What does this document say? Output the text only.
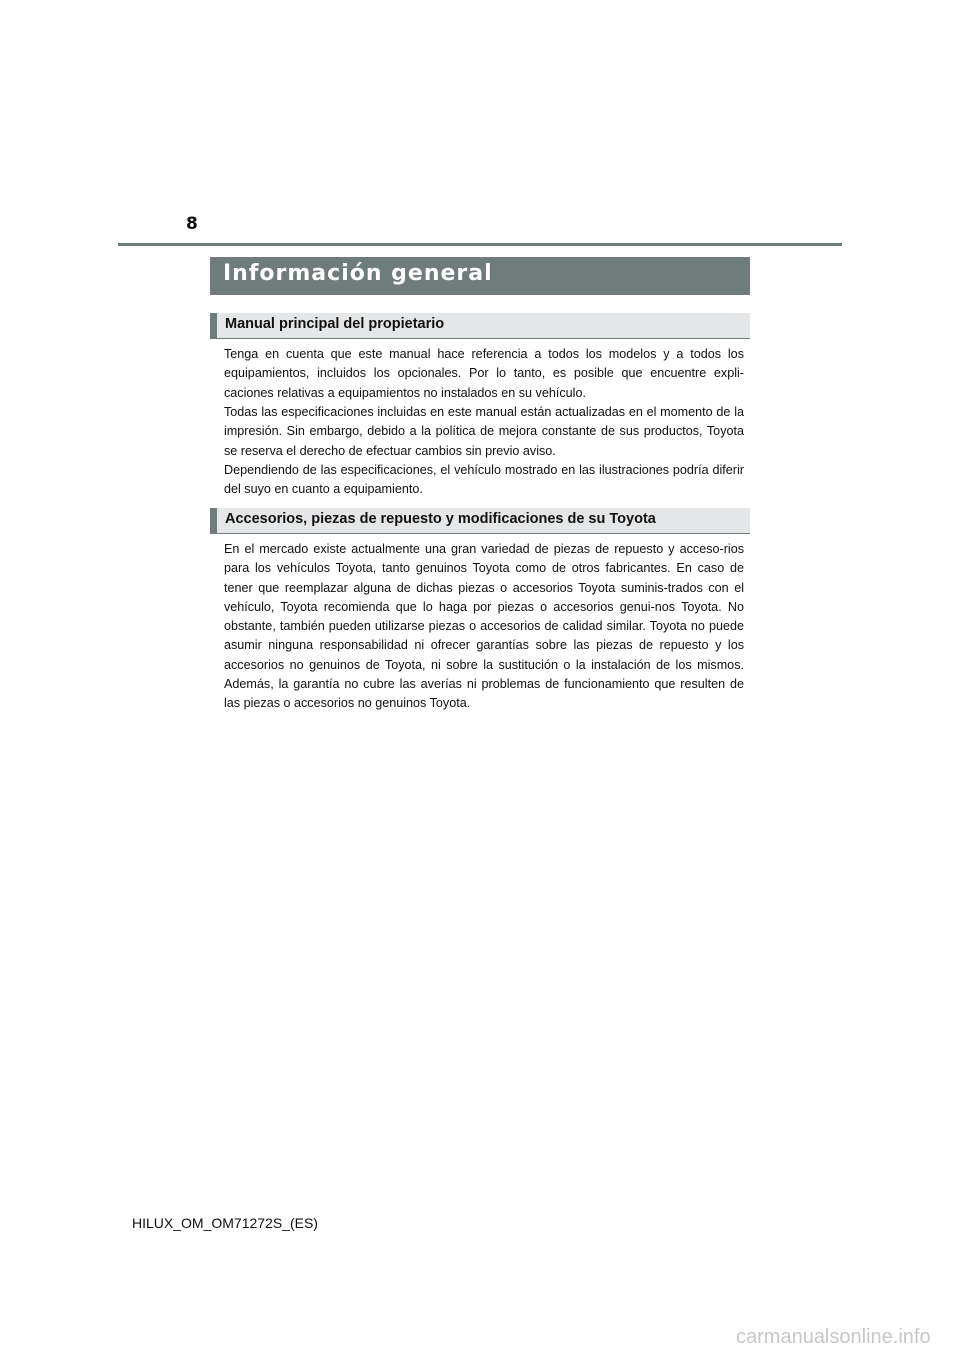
8
Información general
Manual principal del propietario

Tenga en cuenta que este manual hace referencia a todos los modelos y a todos los equipamientos, incluidos los opcionales. Por lo tanto, es posible que encuentre expli-caciones relativas a equipamientos no instalados en su vehículo.

Todas las especificaciones incluidas en este manual están actualizadas en el momento de la impresión. Sin embargo, debido a la política de mejora constante de sus productos, Toyota se reserva el derecho de efectuar cambios sin previo aviso.

Dependiendo de las especificaciones, el vehículo mostrado en las ilustraciones podría diferir del suyo en cuanto a equipamiento.

Accesorios, piezas de repuesto y modificaciones de su Toyota

En el mercado existe actualmente una gran variedad de piezas de repuesto y acceso-rios para los vehículos Toyota, tanto genuinos Toyota como de otros fabricantes. En caso de tener que reemplazar alguna de dichas piezas o accesorios Toyota suminis-trados con el vehículo, Toyota recomienda que lo haga por piezas o accesorios genui-nos Toyota. No obstante, también pueden utilizarse piezas o accesorios de calidad similar. Toyota no puede asumir ninguna responsabilidad ni ofrecer garantías sobre las piezas de repuesto y los accesorios no genuinos de Toyota, ni sobre la sustitución o la instalación de los mismos. Además, la garantía no cubre las averías ni problemas de funcionamiento que resulten de las piezas o accesorios no genuinos Toyota.

HILUX_OM_OM71272S_(ES)
carmanualsonline.info
